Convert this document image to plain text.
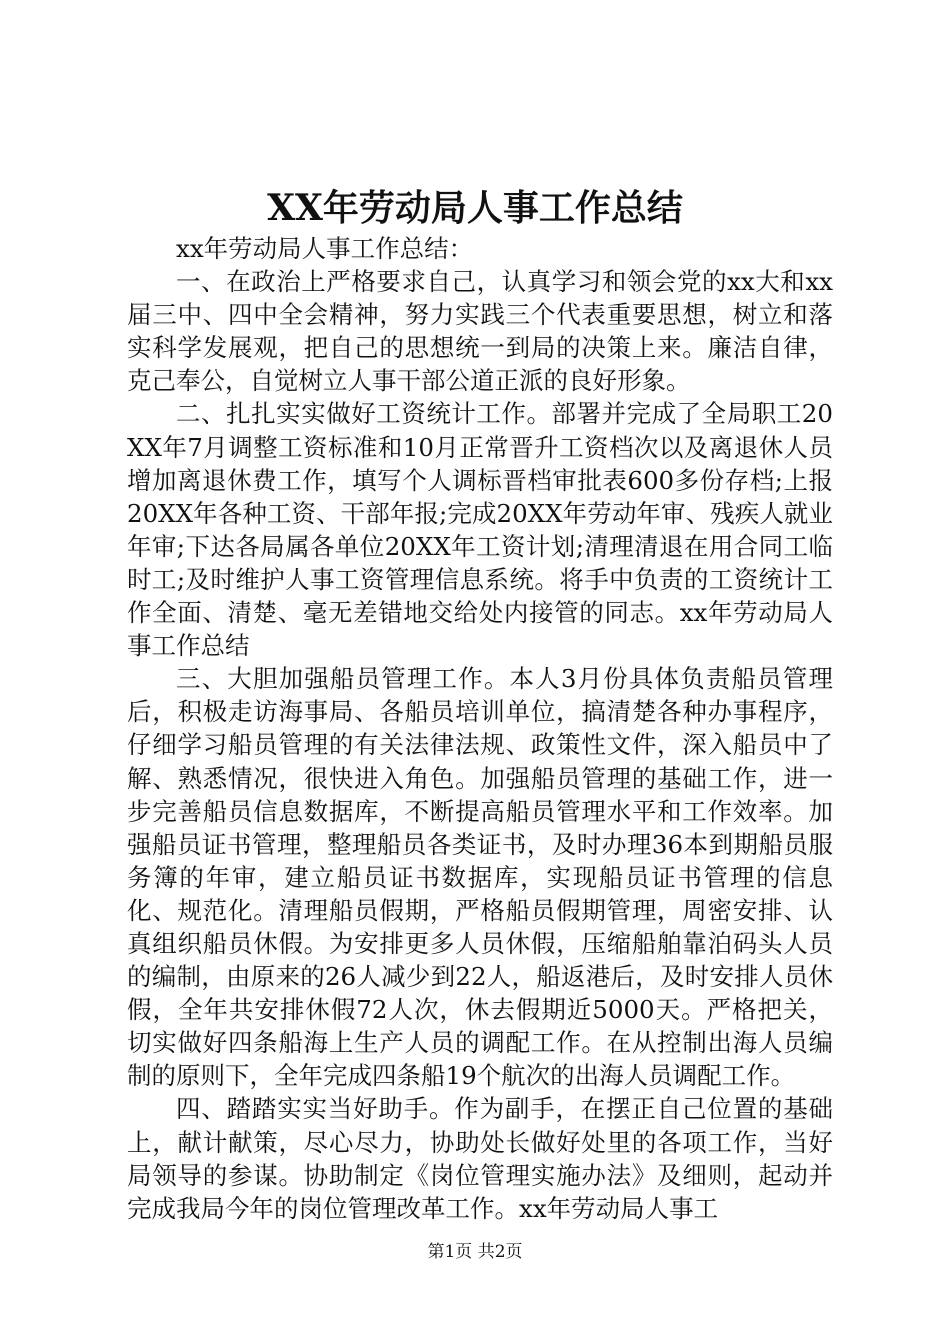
XX年劳动局人事工作总结

xx年劳动局人事工作总结：

一、在政治上严格要求自己，认真学习和领会党的xx大和xx届三中、四中全会精神，努力实践三个代表重要思想，树立和落实科学发展观，把自己的思想统一到局的决策上来。廉洁自律，克己奉公，自觉树立人事干部公道正派的良好形象。

二、扎扎实实做好工资统计工作。部署并完成了全局职工20XX年7月调整工资标准和10月正常晋升工资档次以及离退休人员增加离退休费工作，填写个人调标晋档审批表600多份存档;上报20XX年各种工资、干部年报;完成20XX年劳动年审、残疾人就业年审;下达各局属各单位20XX年工资计划;清理清退在用合同工临时工;及时维护人事工资管理信息系统。将手中负责的工资统计工作全面、清楚、毫无差错地交给处内接管的同志。xx年劳动局人事工作总结

三、大胆加强船员管理工作。本人3月份具体负责船员管理后，积极走访海事局、各船员培训单位，搞清楚各种办事程序，仔细学习船员管理的有关法律法规、政策性文件，深入船员中了解、熟悉情况，很快进入角色。加强船员管理的基础工作，进一步完善船员信息数据库，不断提高船员管理水平和工作效率。加强船员证书管理，整理船员各类证书，及时办理36本到期船员服务簿的年审，建立船员证书数据库，实现船员证书管理的信息化、规范化。清理船员假期，严格船员假期管理，周密安排、认真组织船员休假。为安排更多人员休假，压缩船舶靠泊码头人员的编制，由原来的26人减少到22人，船返港后，及时安排人员休假，全年共安排休假72人次，休去假期近5000天。严格把关，切实做好四条船海上生产人员的调配工作。在从控制出海人员编制的原则下，全年完成四条船19个航次的出海人员调配工作。

四、踏踏实实当好助手。作为副手，在摆正自己位置的基础上，献计献策，尽心尽力，协助处长做好处里的各项工作，当好局领导的参谋。协助制定《岗位管理实施办法》及细则，起动并完成我局今年的岗位管理改革工作。xx年劳动局人事工

第1页 共2页
